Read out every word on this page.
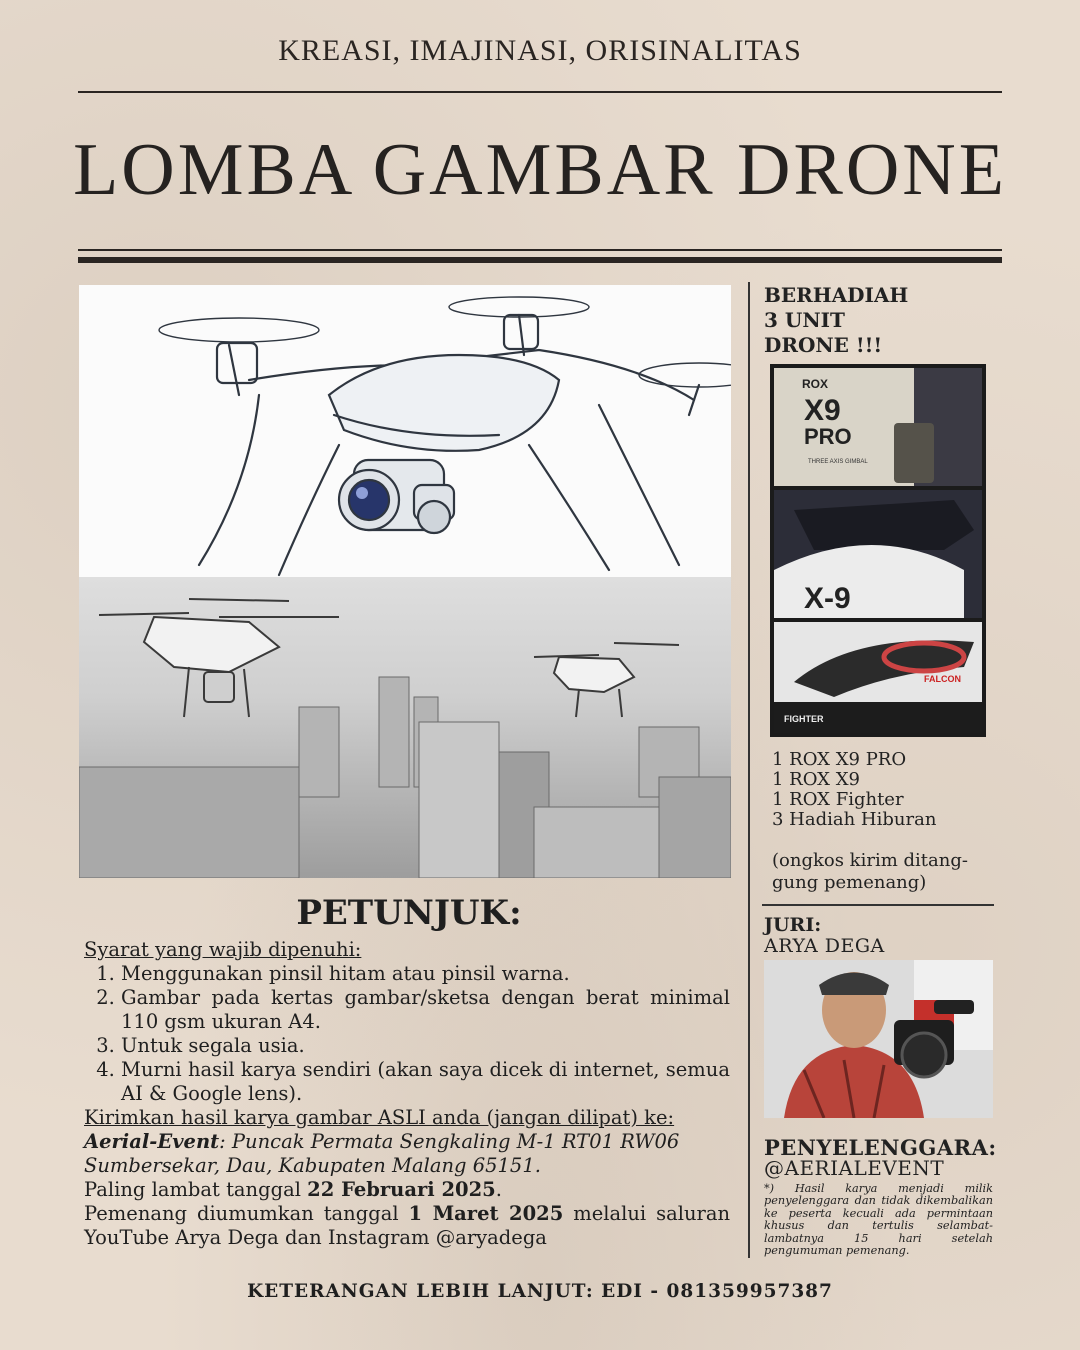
KREASI, IMAJINASI, ORISINALITAS
LOMBA GAMBAR DRONE
BERHADIAH
3 UNIT
DRONE !!!
ROX
X9
PRO
THREE AXIS GIMBAL
X-9
FIGHTER
FALCON
1 ROX X9 PRO
1 ROX X9
1 ROX Fighter
3 Hadiah Hiburan
(ongkos kirim ditang-gung pemenang)
JURI:
ARYA DEGA
PENYELENGGARA:
@AERIALEVENT
*) Hasil karya menjadi milik penyelenggara dan tidak dikembalikan ke peserta kecuali ada permintaan khusus dan tertulis selambat-lambatnya 15 hari setelah pengumuman pemenang.
PETUNJUK:
Syarat yang wajib dipenuhi:
1. Menggunakan pinsil hitam atau pinsil warna.
2. Gambar pada kertas gambar/sketsa dengan berat minimal 110 gsm ukuran A4.
3. Untuk segala usia.
4. Murni hasil karya sendiri (akan saya dicek di internet, semua AI & Google lens).
Kirimkan hasil karya gambar ASLI anda (jangan dilipat) ke:
Aerial-Event: Puncak Permata Sengkaling M-1 RT01 RW06 Sumbersekar, Dau, Kabupaten Malang 65151.
Paling lambat tanggal 22 Februari 2025.
Pemenang diumumkan tanggal 1 Maret 2025 melalui saluran YouTube Arya Dega dan Instagram @aryadega
KETERANGAN LEBIH LANJUT: EDI - 081359957387
